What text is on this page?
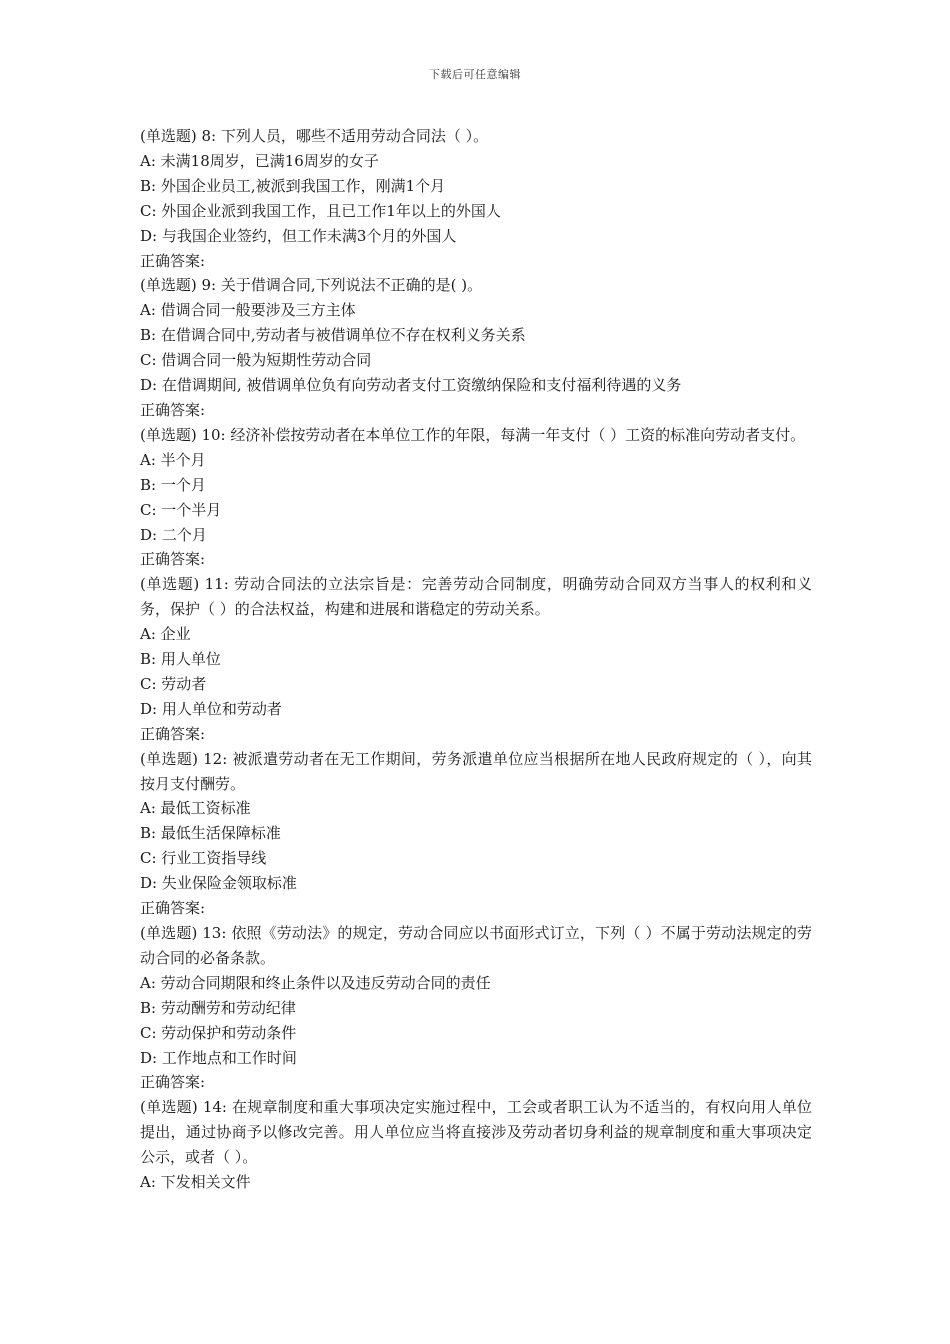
下载后可任意编辑

(单选题) 8: 下列人员，哪些不适用劳动合同法（ ）。

A: 未满18周岁，已满16周岁的女子

B: 外国企业员工,被派到我国工作，刚满1个月

C: 外国企业派到我国工作，且已工作1年以上的外国人

D: 与我国企业签约，但工作未满3个月的外国人

正确答案:

(单选题) 9: 关于借调合同,下列说法不正确的是( )。

A: 借调合同一般要涉及三方主体

B: 在借调合同中,劳动者与被借调单位不存在权利义务关系

C: 借调合同一般为短期性劳动合同

D: 在借调期间, 被借调单位负有向劳动者支付工资缴纳保险和支付福利待遇的义务

正确答案:

(单选题) 10: 经济补偿按劳动者在本单位工作的年限，每满一年支付（ ）工资的标准向劳动者支付。

A: 半个月

B: 一个月

C: 一个半月

D: 二个月

正确答案:

(单选题) 11: 劳动合同法的立法宗旨是：完善劳动合同制度，明确劳动合同双方当事人的权利和义务，保护（ ）的合法权益，构建和进展和谐稳定的劳动关系。

A: 企业

B: 用人单位

C: 劳动者

D: 用人单位和劳动者

正确答案:

(单选题) 12: 被派遣劳动者在无工作期间，劳务派遣单位应当根据所在地人民政府规定的（ ），向其按月支付酬劳。

A: 最低工资标准

B: 最低生活保障标准

C: 行业工资指导线

D: 失业保险金领取标准

正确答案:

(单选题) 13: 依照《劳动法》的规定，劳动合同应以书面形式订立，下列（ ）不属于劳动法规定的劳动合同的必备条款。

A: 劳动合同期限和终止条件以及违反劳动合同的责任

B: 劳动酬劳和劳动纪律

C: 劳动保护和劳动条件

D: 工作地点和工作时间

正确答案:

(单选题) 14: 在规章制度和重大事项决定实施过程中，工会或者职工认为不适当的，有权向用人单位提出，通过协商予以修改完善。用人单位应当将直接涉及劳动者切身利益的规章制度和重大事项决定公示，或者（ ）。

A: 下发相关文件
